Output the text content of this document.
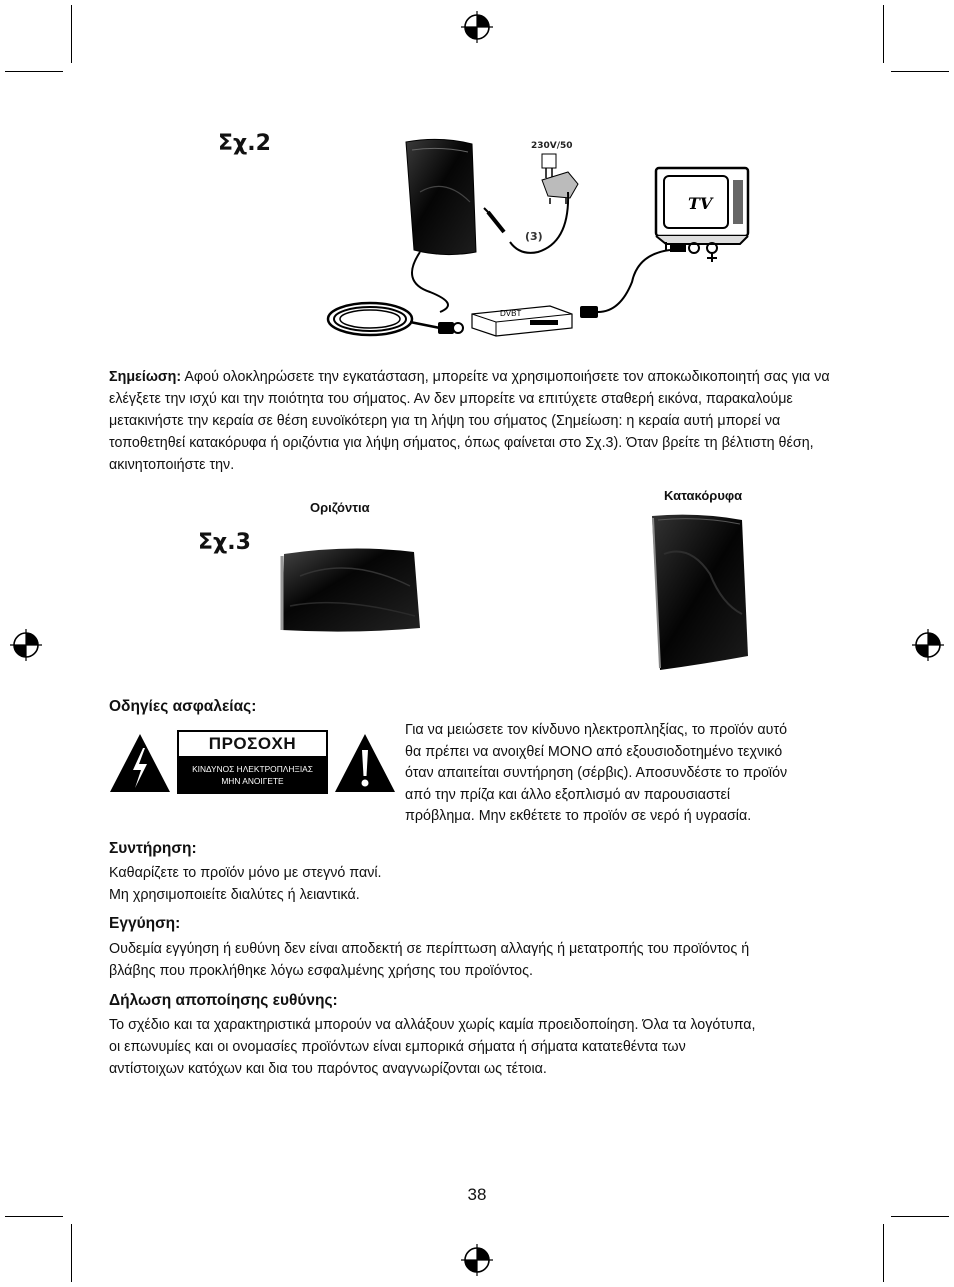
Σχ.2	230V/50
(3)
TV
DVBT
Σημείωση: Αφού ολοκληρώσετε την εγκατάσταση, μπορείτε να χρησιμοποιήσετε τον αποκωδικοποιητή σας για να ελέγξετε την ισχύ και την ποιότητα του σήματος. Αν δεν μπορείτε να επιτύχετε σταθερή εικόνα, παρακαλούμε μετακινήστε την κεραία σε θέση ευνοϊκότερη για τη λήψη του σήματος (Σημείωση: η κεραία αυτή μπορεί να τοποθετηθεί κατακόρυφα ή οριζόντια για λήψη σήματος, όπως φαίνεται στο Σχ.3). Όταν βρείτε τη βέλτιστη θέση, ακινητοποιήστε την.
Οριζόντια
Κατακόρυφα
Σχ.3
Οδηγίες ασφαλείας:
ΠΡΟΣΟΧΗ
ΚΙΝΔΥΝΟΣ ΗΛΕΚΤΡΟΠΛΗΞΙΑΣ
ΜΗΝ ΑΝΟΙΓΕΤΕ
Για να μειώσετε τον κίνδυνο ηλεκτροπληξίας, το προϊόν αυτό
θα πρέπει να ανοιχθεί ΜΟΝΟ από εξουσιοδοτημένο τεχνικό
όταν απαιτείται συντήρηση (σέρβις). Αποσυνδέστε το προϊόν
από την πρίζα και άλλο εξοπλισμό αν παρουσιαστεί
πρόβλημα. Μην εκθέτετε το προϊόν σε νερό ή υγρασία.
Συντήρηση:
Καθαρίζετε το προϊόν μόνο με στεγνό πανί.
Μη χρησιμοποιείτε διαλύτες ή λειαντικά.
Εγγύηση:
Ουδεμία εγγύηση ή ευθύνη δεν είναι αποδεκτή σε περίπτωση αλλαγής ή μετατροπής του προϊόντος ή
βλάβης που προκλήθηκε λόγω εσφαλμένης χρήσης του προϊόντος.
Δήλωση αποποίησης ευθύνης:
Το σχέδιο και τα χαρακτηριστικά μπορούν να αλλάξουν χωρίς καμία προειδοποίηση. Όλα τα λογότυπα,
οι επωνυμίες και οι ονομασίες προϊόντων είναι εμπορικά σήματα ή σήματα κατατεθέντα των
αντίστοιχων κατόχων και δια του παρόντος αναγνωρίζονται ως τέτοια.
38
